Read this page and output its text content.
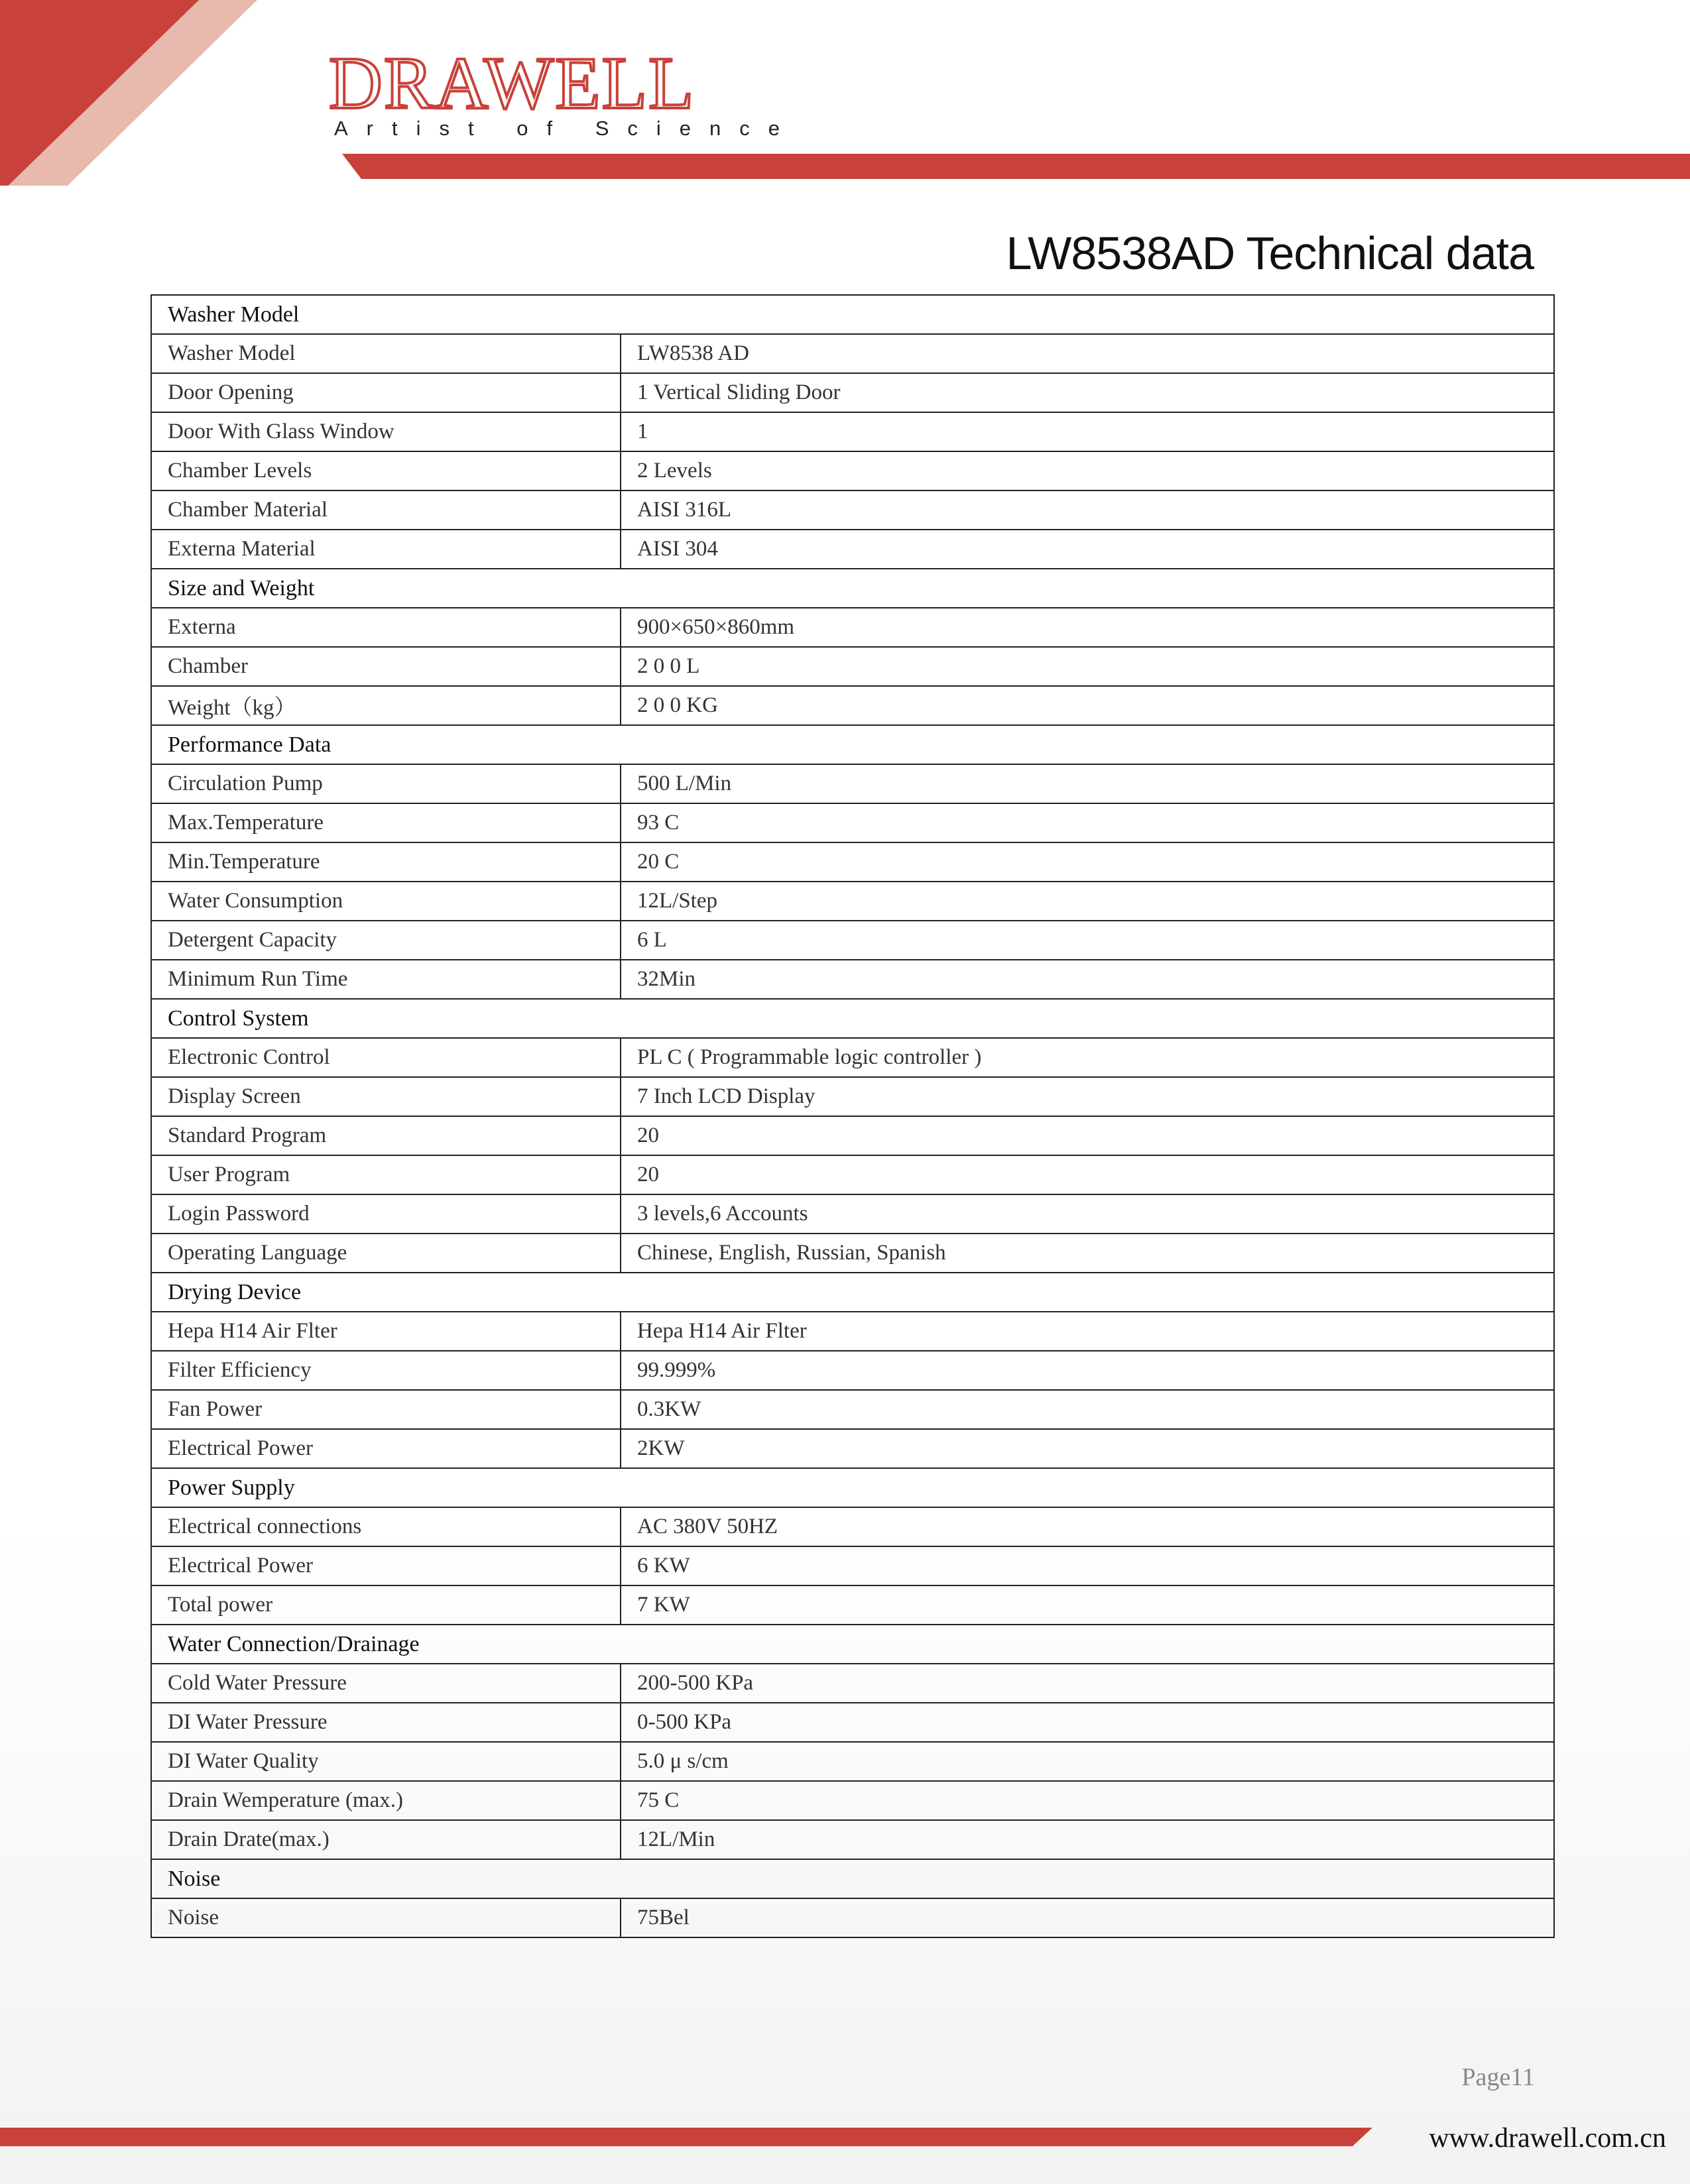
DRAWELL
Artist of Science
LW8538AD Technical data
Washer Model	
Washer Model	LW8538 AD
Door Opening	1 Vertical Sliding Door
Door With Glass Window	1
Chamber Levels	2 Levels
Chamber Material	AISI 316L
Externa Material	AISI 304
Size and Weight	
Externa	900×650×860mm
Chamber	2 0 0 L
Weight（kg）	2 0 0 KG
Performance Data	
Circulation Pump	500 L/Min
Max.Temperature	93 C
Min.Temperature	20 C
Water Consumption	12L/Step
Detergent Capacity	6 L
Minimum Run Time	32Min
Control System	
Electronic Control	PL C ( Programmable logic controller )
Display Screen	7 Inch LCD Display
Standard Program	20
User Program	20
Login Password	3 levels,6 Accounts
Operating Language	Chinese, English, Russian, Spanish
Drying Device	
Hepa H14 Air Flter	Hepa H14 Air Flter
Filter Efficiency	99.999%
Fan Power	0.3KW
Electrical Power	2KW
Power Supply	
Electrical connections	AC 380V 50HZ
Electrical Power	6 KW
Total power	7 KW
Water Connection/Drainage	
Cold Water Pressure	200-500 KPa
DI Water Pressure	0-500 KPa
DI Water Quality	5.0 μ s/cm
Drain Wemperature (max.)	75 C
Drain Drate(max.)	12L/Min
Noise	
Noise	75Bel
Page11
www.drawell.com.cn
